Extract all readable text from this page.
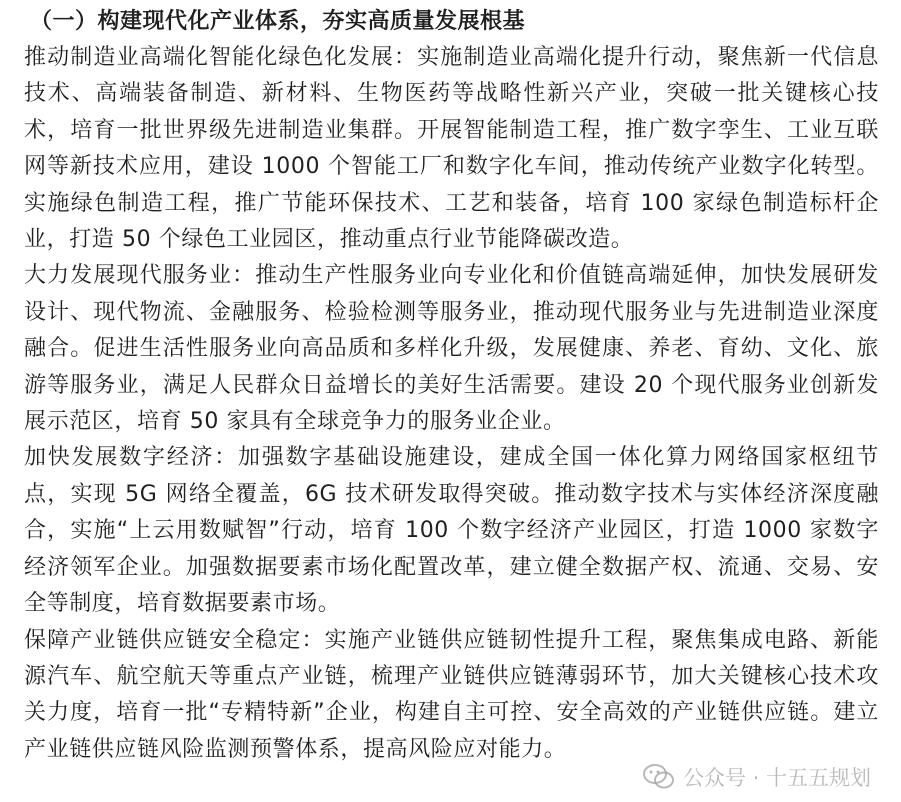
（一）构建现代化产业体系，夯实高质量发展根基

推动制造业高端化智能化绿色化发展：实施制造业高端化提升行动，聚焦新一代信息技术、高端装备制造、新材料、生物医药等战略性新兴产业，突破一批关键核心技术，培育一批世界级先进制造业集群。开展智能制造工程，推广数字孪生、工业互联网等新技术应用，建设 1000 个智能工厂和数字化车间，推动传统产业数字化转型。实施绿色制造工程，推广节能环保技术、工艺和装备，培育 100 家绿色制造标杆企业，打造 50 个绿色工业园区，推动重点行业节能降碳改造。

大力发展现代服务业：推动生产性服务业向专业化和价值链高端延伸，加快发展研发设计、现代物流、金融服务、检验检测等服务业，推动现代服务业与先进制造业深度融合。促进生活性服务业向高品质和多样化升级，发展健康、养老、育幼、文化、旅游等服务业，满足人民群众日益增长的美好生活需要。建设 20 个现代服务业创新发展示范区，培育 50 家具有全球竞争力的服务业企业。

加快发展数字经济：加强数字基础设施建设，建成全国一体化算力网络国家枢纽节点，实现 5G 网络全覆盖，6G 技术研发取得突破。推动数字技术与实体经济深度融合，实施“上云用数赋智”行动，培育 100 个数字经济产业园区，打造 1000 家数字经济领军企业。加强数据要素市场化配置改革，建立健全数据产权、流通、交易、安全等制度，培育数据要素市场。

保障产业链供应链安全稳定：实施产业链供应链韧性提升工程，聚焦集成电路、新能源汽车、航空航天等重点产业链，梳理产业链供应链薄弱环节，加大关键核心技术攻关力度，培育一批“专精特新”企业，构建自主可控、安全高效的产业链供应链。建立产业链供应链风险监测预警体系，提高风险应对能力。

公众号 · 十五五规划
